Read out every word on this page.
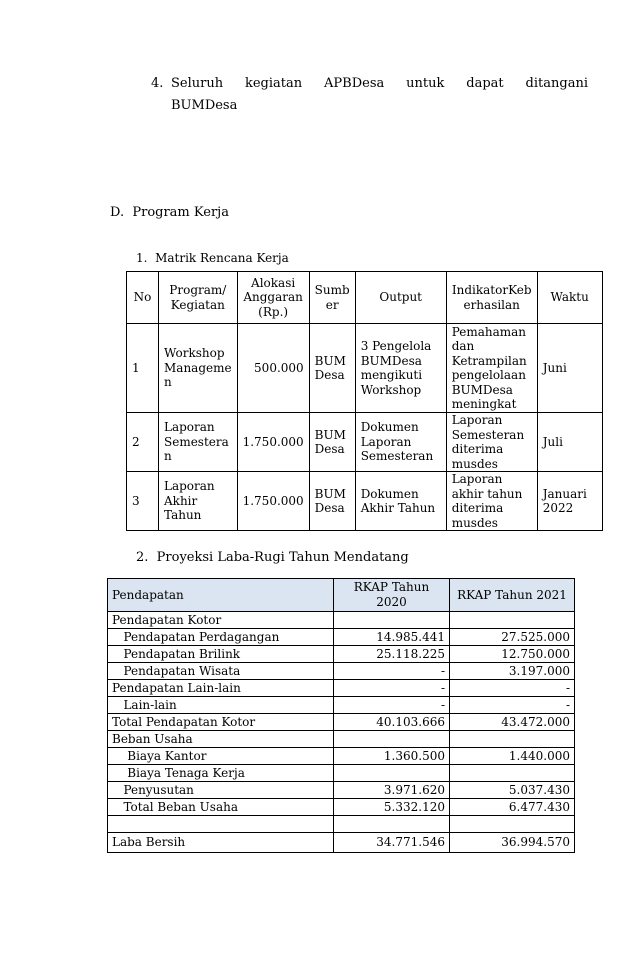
4. Seluruh kegiatan APBDesa untuk dapat ditangani
BUMDesa
D.  Program Kerja
1.  Matrik Rencana Kerja
No	Program/ Kegiatan	Alokasi Anggaran (Rp.)	Sumb er	Output	IndikatorKeb erhasilan	Waktu
1	Workshop Manageme n	500.000	BUM Desa	3 Pengelola BUMDesa mengikuti Workshop	Pemahaman dan Ketrampilan pengelolaan BUMDesa meningkat	Juni
2	Laporan Semestera n	1.750.000	BUM Desa	Dokumen Laporan Semesteran	Laporan Semesteran diterima musdes	Juli
3	Laporan Akhir Tahun	1.750.000	BUM Desa	Dokumen Akhir Tahun	Laporan akhir tahun diterima musdes	Januari 2022
2.  Proyeksi Laba-Rugi Tahun Mendatang
Pendapatan	RKAP Tahun 2020	RKAP Tahun 2021
Pendapatan Kotor		
Pendapatan Perdagangan	14.985.441	27.525.000
Pendapatan Brilink	25.118.225	12.750.000
Pendapatan Wisata	-	3.197.000
Pendapatan Lain-lain	-	-
Lain-lain	-	-
Total Pendapatan Kotor	40.103.666	43.472.000
Beban Usaha		
Biaya Kantor	1.360.500	1.440.000
Biaya Tenaga Kerja		
Penyusutan	3.971.620	5.037.430
Total Beban Usaha	5.332.120	6.477.430

Laba Bersih	34.771.546	36.994.570
